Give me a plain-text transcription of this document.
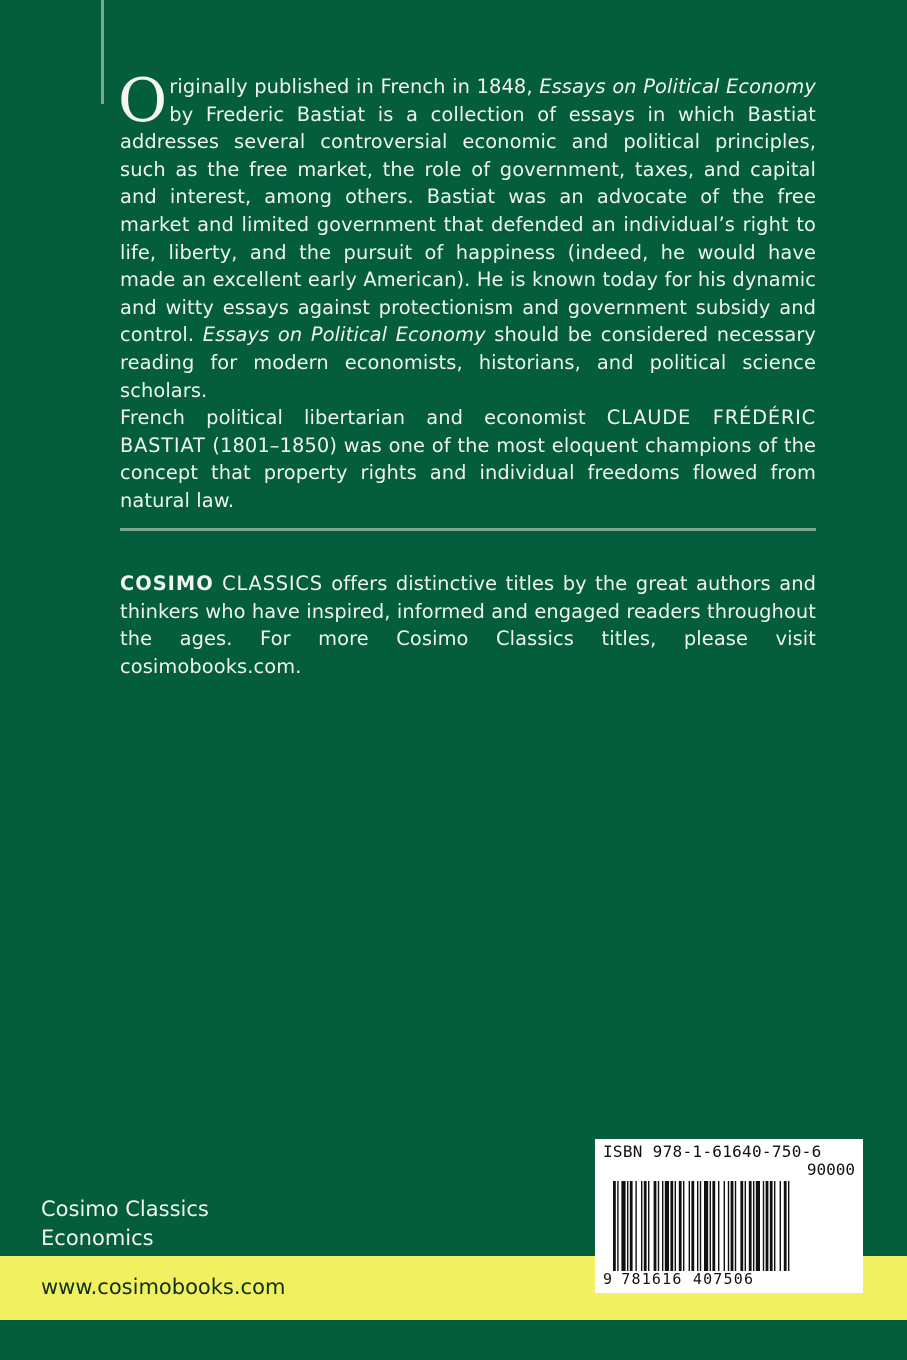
Originally published in French in 1848, Essays on Political Economy by Frederic Bastiat is a collection of essays in which Bastiat addresses several controversial economic and political principles, such as the free market, the role of government, taxes, and capital and interest, among others. Bastiat was an advocate of the free market and limited government that defended an individual’s right to life, liberty, and the pursuit of happiness (indeed, he would have made an excellent early American). He is known today for his dynamic and witty essays against protectionism and government subsidy and control. Essays on Political Economy should be considered necessary reading for modern economists, historians, and political science scholars.

French political libertarian and economist CLAUDE FRÉDÉRIC BASTIAT (1801–1850) was one of the most eloquent champions of the concept that property rights and individual freedoms flowed from natural law.

COSIMO CLASSICS offers distinctive titles by the great authors and thinkers who have inspired, informed and engaged readers throughout the ages. For more Cosimo Classics titles, please visit cosimobooks.com.

Cosimo Classics
Economics
www.cosimobooks.com
ISBN 978-1-61640-750-6
90000
9 781616 407506
